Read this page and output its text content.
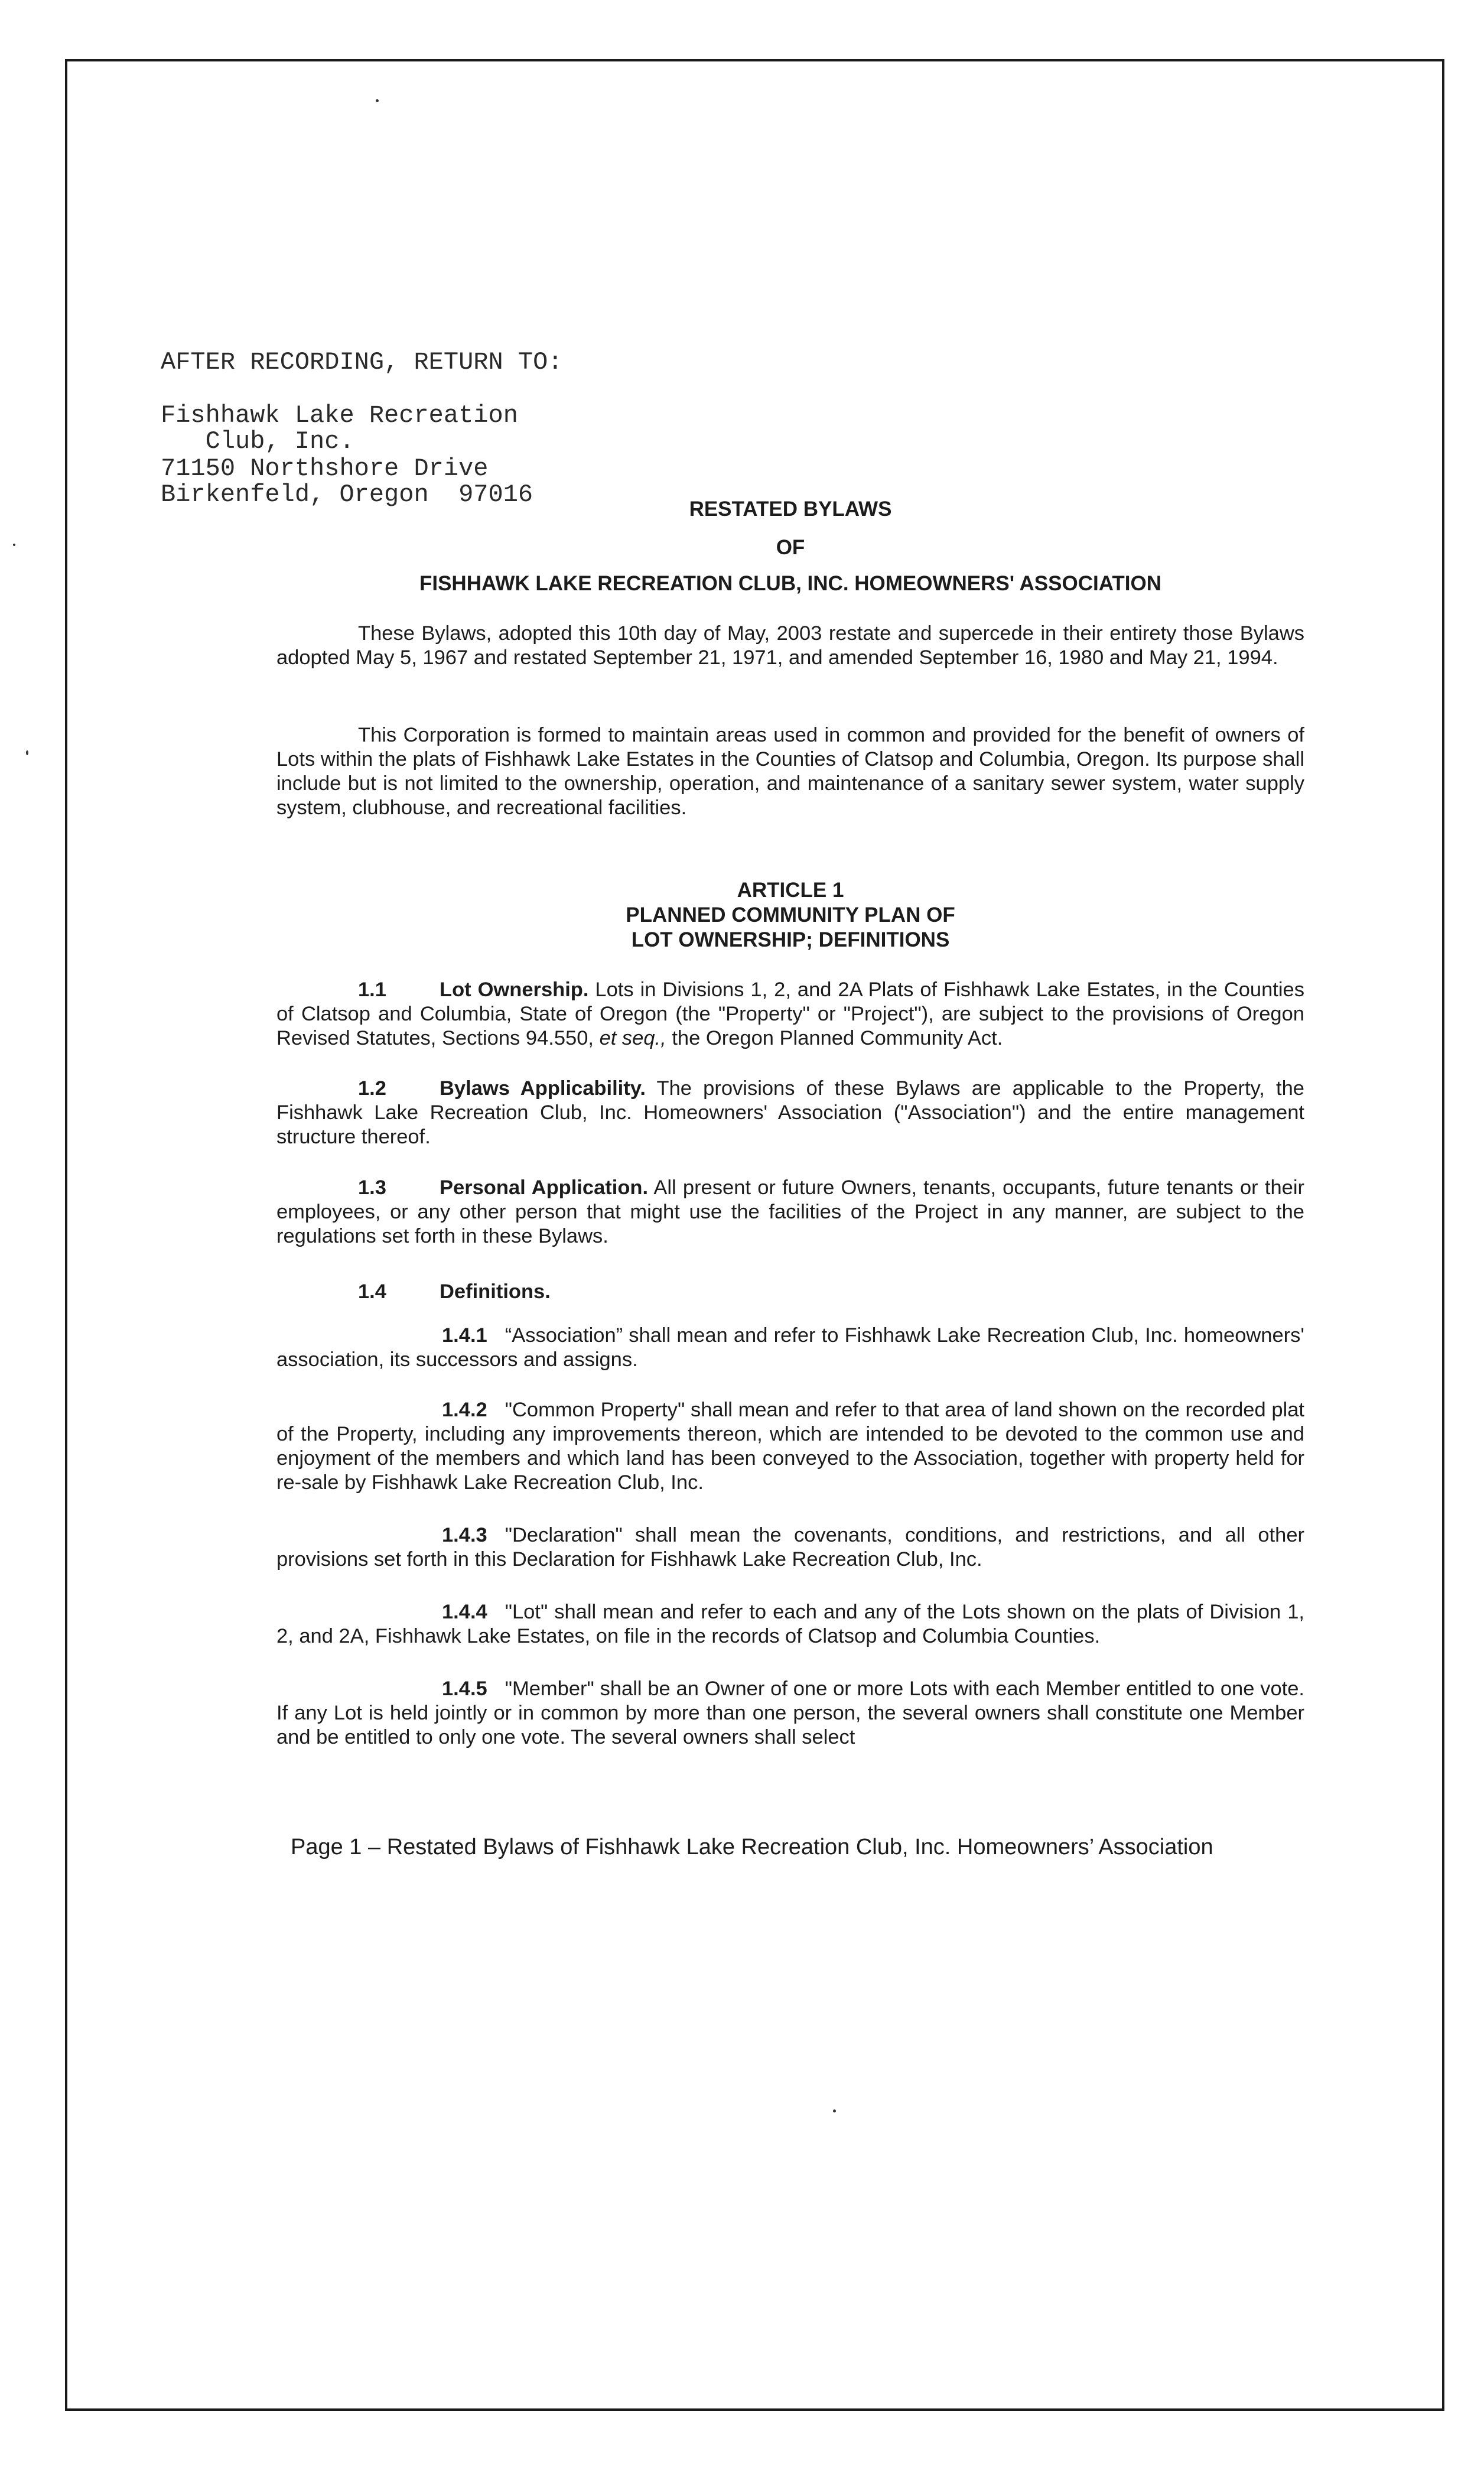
AFTER RECORDING, RETURN TO:
Fishhawk Lake Recreation
Club, Inc.
71150 Northshore Drive
Birkenfeld, Oregon  97016
RESTATED BYLAWS
OF
FISHHAWK LAKE RECREATION CLUB, INC. HOMEOWNERS' ASSOCIATION
These Bylaws, adopted this 10th day of May, 2003 restate and supercede in their entirety those Bylaws adopted May 5, 1967 and restated September 21, 1971, and amended September 16, 1980 and May 21, 1994.
This Corporation is formed to maintain areas used in common and provided for the benefit of owners of Lots within the plats of Fishhawk Lake Estates in the Counties of Clatsop and Columbia, Oregon. Its purpose shall include but is not limited to the ownership, operation, and maintenance of a sanitary sewer system, water supply system, clubhouse, and recreational facilities.
ARTICLE 1
PLANNED COMMUNITY PLAN OF
LOT OWNERSHIP; DEFINITIONS
1.1	Lot Ownership. Lots in Divisions 1, 2, and 2A Plats of Fishhawk Lake Estates, in the Counties of Clatsop and Columbia, State of Oregon (the "Property" or "Project"), are subject to the provisions of Oregon Revised Statutes, Sections 94.550, et seq., the Oregon Planned Community Act.
1.2	Bylaws Applicability. The provisions of these Bylaws are applicable to the Property, the Fishhawk Lake Recreation Club, Inc. Homeowners' Association ("Association") and the entire management structure thereof.
1.3	Personal Application. All present or future Owners, tenants, occupants, future tenants or their employees, or any other person that might use the facilities of the Project in any manner, are subject to the regulations set forth in these Bylaws.
1.4	Definitions.
1.4.1 “Association” shall mean and refer to Fishhawk Lake Recreation Club, Inc. homeowners' association, its successors and assigns.
1.4.2 "Common Property" shall mean and refer to that area of land shown on the recorded plat of the Property, including any improvements thereon, which are intended to be devoted to the common use and enjoyment of the members and which land has been conveyed to the Association, together with property held for re-sale by Fishhawk Lake Recreation Club, Inc.
1.4.3 "Declaration" shall mean the covenants, conditions, and restrictions, and all other provisions set forth in this Declaration for Fishhawk Lake Recreation Club, Inc.
1.4.4 "Lot" shall mean and refer to each and any of the Lots shown on the plats of Division 1, 2, and 2A, Fishhawk Lake Estates, on file in the records of Clatsop and Columbia Counties.
1.4.5 "Member" shall be an Owner of one or more Lots with each Member entitled to one vote. If any Lot is held jointly or in common by more than one person, the several owners shall constitute one Member and be entitled to only one vote. The several owners shall select
Page 1 – Restated Bylaws of Fishhawk Lake Recreation Club, Inc. Homeowners’ Association
